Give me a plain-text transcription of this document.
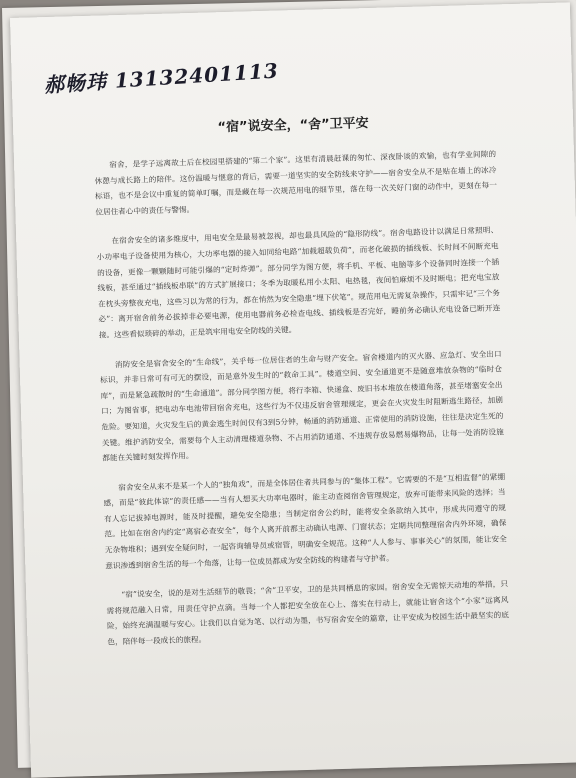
郝畅玮 13132401113
“宿”说安全，“舍”卫平安

宿舍，是学子远离故土后在校园里搭建的“第二个家”。这里有清晨赶课的匆忙、深夜卧谈的欢愉，也有学业间隙的休憩与成长路上的陪伴。这份温暖与惬意的背后，需要一道坚实的安全防线来守护——宿舍安全从不是贴在墙上的冰冷标语，也不是会议中重复的简单叮嘱，而是藏在每一次规范用电的细节里，落在每一次关好门窗的动作中，更刻在每一位居住者心中的责任与警惕。

在宿舍安全的诸多维度中，用电安全是最易被忽视，却也最具风险的“隐形防线”。宿舍电路设计以满足日常照明、小功率电子设备使用为核心，大功率电器的接入如同给电路“加载超载负荷”，而老化破损的插线板、长时间不间断充电的设备，更像一颗颗随时可能引爆的“定时炸弹”。部分同学为图方便，将手机、平板、电脑等多个设备同时连接一个插线板，甚至通过“插线板串联”的方式扩展接口；冬季为取暖私用小太阳、电热毯，夜间怕麻烦不及时断电；把充电宝放在枕头旁整夜充电，这些习以为常的行为，都在悄然为安全隐患“埋下伏笔”。规范用电无需复杂操作，只需牢记“三个务必”：离开宿舍前务必拔掉非必要电源，使用电器前务必检查电线、插线板是否完好，睡前务必确认充电设备已断开连接。这些看似琐碎的举动，正是筑牢用电安全防线的关键。

消防安全是宿舍安全的“生命线”，关乎每一位居住者的生命与财产安全。宿舍楼道内的灭火器、应急灯、安全出口标识，并非日常可有可无的摆设，而是意外发生时的“救命工具”。楼道空间、安全通道更不是随意堆放杂物的“临时仓库”，而是紧急疏散时的“生命通道”。部分同学图方便，将行李箱、快递盒、废旧书本堆放在楼道角落，甚至堵塞安全出口；为图省事，把电动车电池带回宿舍充电，这些行为不仅违反宿舍管理规定，更会在火灾发生时阻断逃生路径，加剧危险。要知道，火灾发生后的黄金逃生时间仅有3到5分钟，畅通的消防通道、正常使用的消防设施，往往是决定生死的关键。维护消防安全，需要每个人主动清理楼道杂物、不占用消防通道、不违规存放易燃易爆物品，让每一处消防设施都能在关键时刻发挥作用。

宿舍安全从来不是某一个人的“独角戏”，而是全体居住者共同参与的“集体工程”。它需要的不是“互相监督”的紧绷感，而是“彼此体谅”的责任感——当有人想买大功率电器时，能主动查阅宿舍管理规定，放弃可能带来风险的选择；当有人忘记拔掉电源时，能及时提醒，避免安全隐患；当制定宿舍公约时，能将安全条款纳入其中，形成共同遵守的规范。比如在宿舍内约定“离宿必查安全”，每个人离开前都主动确认电源、门窗状态；定期共同整理宿舍内外环境，确保无杂物堆积；遇到安全疑问时，一起咨询辅导员或宿管，明确安全规范。这种“人人参与、事事关心”的氛围，能让安全意识渗透到宿舍生活的每一个角落，让每一位成员都成为安全防线的构建者与守护者。

“宿”说安全，说的是对生活细节的敬畏；“舍”卫平安，卫的是共同栖息的家园。宿舍安全无需惊天动地的举措，只需将规范融入日常，用责任守护点滴。当每一个人都把安全放在心上、落实在行动上，就能让宿舍这个“小家”远离风险，始终充满温暖与安心。让我们以自觉为笔、以行动为墨，书写宿舍安全的篇章，让平安成为校园生活中最坚实的底色，陪伴每一段成长的旅程。
